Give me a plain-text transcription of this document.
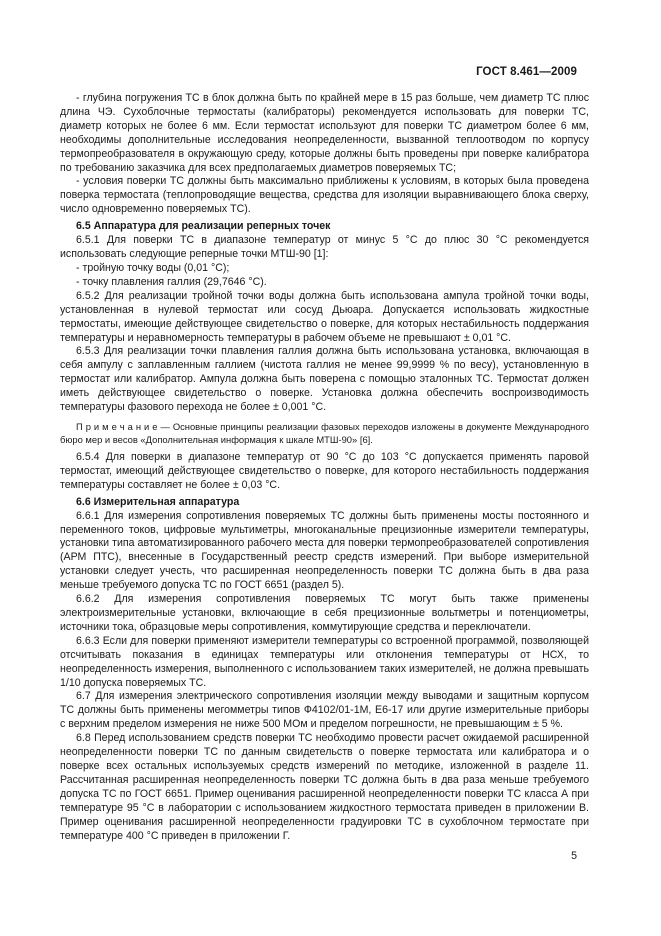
ГОСТ 8.461—2009

- глубина погружения ТС в блок должна быть по крайней мере в 15 раз больше, чем диаметр ТС плюс длина ЧЭ. Сухоблочные термостаты (калибраторы) рекомендуется использовать для поверки ТС, диаметр которых не более 6 мм. Если термостат используют для поверки ТС диаметром более 6 мм, необходимы дополнительные исследования неопределенности, вызванной теплоотводом по корпусу термопреобразователя в окружающую среду, которые должны быть проведены при поверке калибратора по требованию заказчика для всех предполагаемых диаметров поверяемых ТС;

- условия поверки ТС должны быть максимально приближены к условиям, в которых была проведена поверка термостата (теплопроводящие вещества, средства для изоляции выравнивающего блока сверху, число одновременно поверяемых ТС).

6.5 Аппаратура для реализации реперных точек

6.5.1 Для поверки ТС в диапазоне температур от минус 5 °С до плюс 30 °С рекомендуется использовать следующие реперные точки МТШ-90 [1]:

- тройную точку воды (0,01 °С);

- точку плавления галлия (29,7646 °С).

6.5.2 Для реализации тройной точки воды должна быть использована ампула тройной точки воды, установленная в нулевой термостат или сосуд Дьюара. Допускается использовать жидкостные термостаты, имеющие действующее свидетельство о поверке, для которых нестабильность поддержания температуры и неравномерность температуры в рабочем объеме не превышают ± 0,01 °С.

6.5.3 Для реализации точки плавления галлия должна быть использована установка, включающая в себя ампулу с заплавленным галлием (чистота галлия не менее 99,9999 % по весу), установленную в термостат или калибратор. Ампула должна быть поверена с помощью эталонных ТС. Термостат должен иметь действующее свидетельство о поверке. Установка должна обеспечить воспроизводимость температуры фазового перехода не более ± 0,001 °С.

П р и м е ч а н и е — Основные принципы реализации фазовых переходов изложены в документе Международного бюро мер и весов «Дополнительная информация к шкале МТШ-90» [6].

6.5.4 Для поверки в диапазоне температур от 90 °С до 103 °С допускается применять паровой термостат, имеющий действующее свидетельство о поверке, для которого нестабильность поддержания температуры составляет не более ± 0,03 °С.

6.6 Измерительная аппаратура

6.6.1 Для измерения сопротивления поверяемых ТС должны быть применены мосты постоянного и переменного токов, цифровые мультиметры, многоканальные прецизионные измерители температуры, установки типа автоматизированного рабочего места для поверки термопреобразователей сопротивления (АРМ ПТС), внесенные в Государственный реестр средств измерений. При выборе измерительной установки следует учесть, что расширенная неопределенность поверки ТС должна быть в два раза меньше требуемого допуска ТС по ГОСТ 6651 (раздел 5).

6.6.2 Для измерения сопротивления поверяемых ТС могут быть также применены электроизмерительные установки, включающие в себя прецизионные вольтметры и потенциометры, источники тока, образцовые меры сопротивления, коммутирующие средства и переключатели.

6.6.3 Если для поверки применяют измерители температуры со встроенной программой, позволяющей отсчитывать показания в единицах температуры или отклонения температуры от НСХ, то неопределенность измерения, выполненного с использованием таких измерителей, не должна превышать 1/10 допуска поверяемых ТС.

6.7 Для измерения электрического сопротивления изоляции между выводами и защитным корпусом ТС должны быть применены мегомметры типов Ф4102/01-1М, Е6-17 или другие измерительные приборы с верхним пределом измерения не ниже 500 МОм и пределом погрешности, не превышающим ± 5 %.

6.8 Перед использованием средств поверки ТС необходимо провести расчет ожидаемой расширенной неопределенности поверки ТС по данным свидетельств о поверке термостата или калибратора и о поверке всех остальных используемых средств измерений по методике, изложенной в разделе 11. Рассчитанная расширенная неопределенность поверки ТС должна быть в два раза меньше требуемого допуска ТС по ГОСТ 6651. Пример оценивания расширенной неопределенности поверки ТС класса А при температуре 95 °С в лаборатории с использованием жидкостного термостата приведен в приложении В. Пример оценивания расширенной неопределенности градуировки ТС в сухоблочном термостате при температуре 400 °С приведен в приложении Г.

5
